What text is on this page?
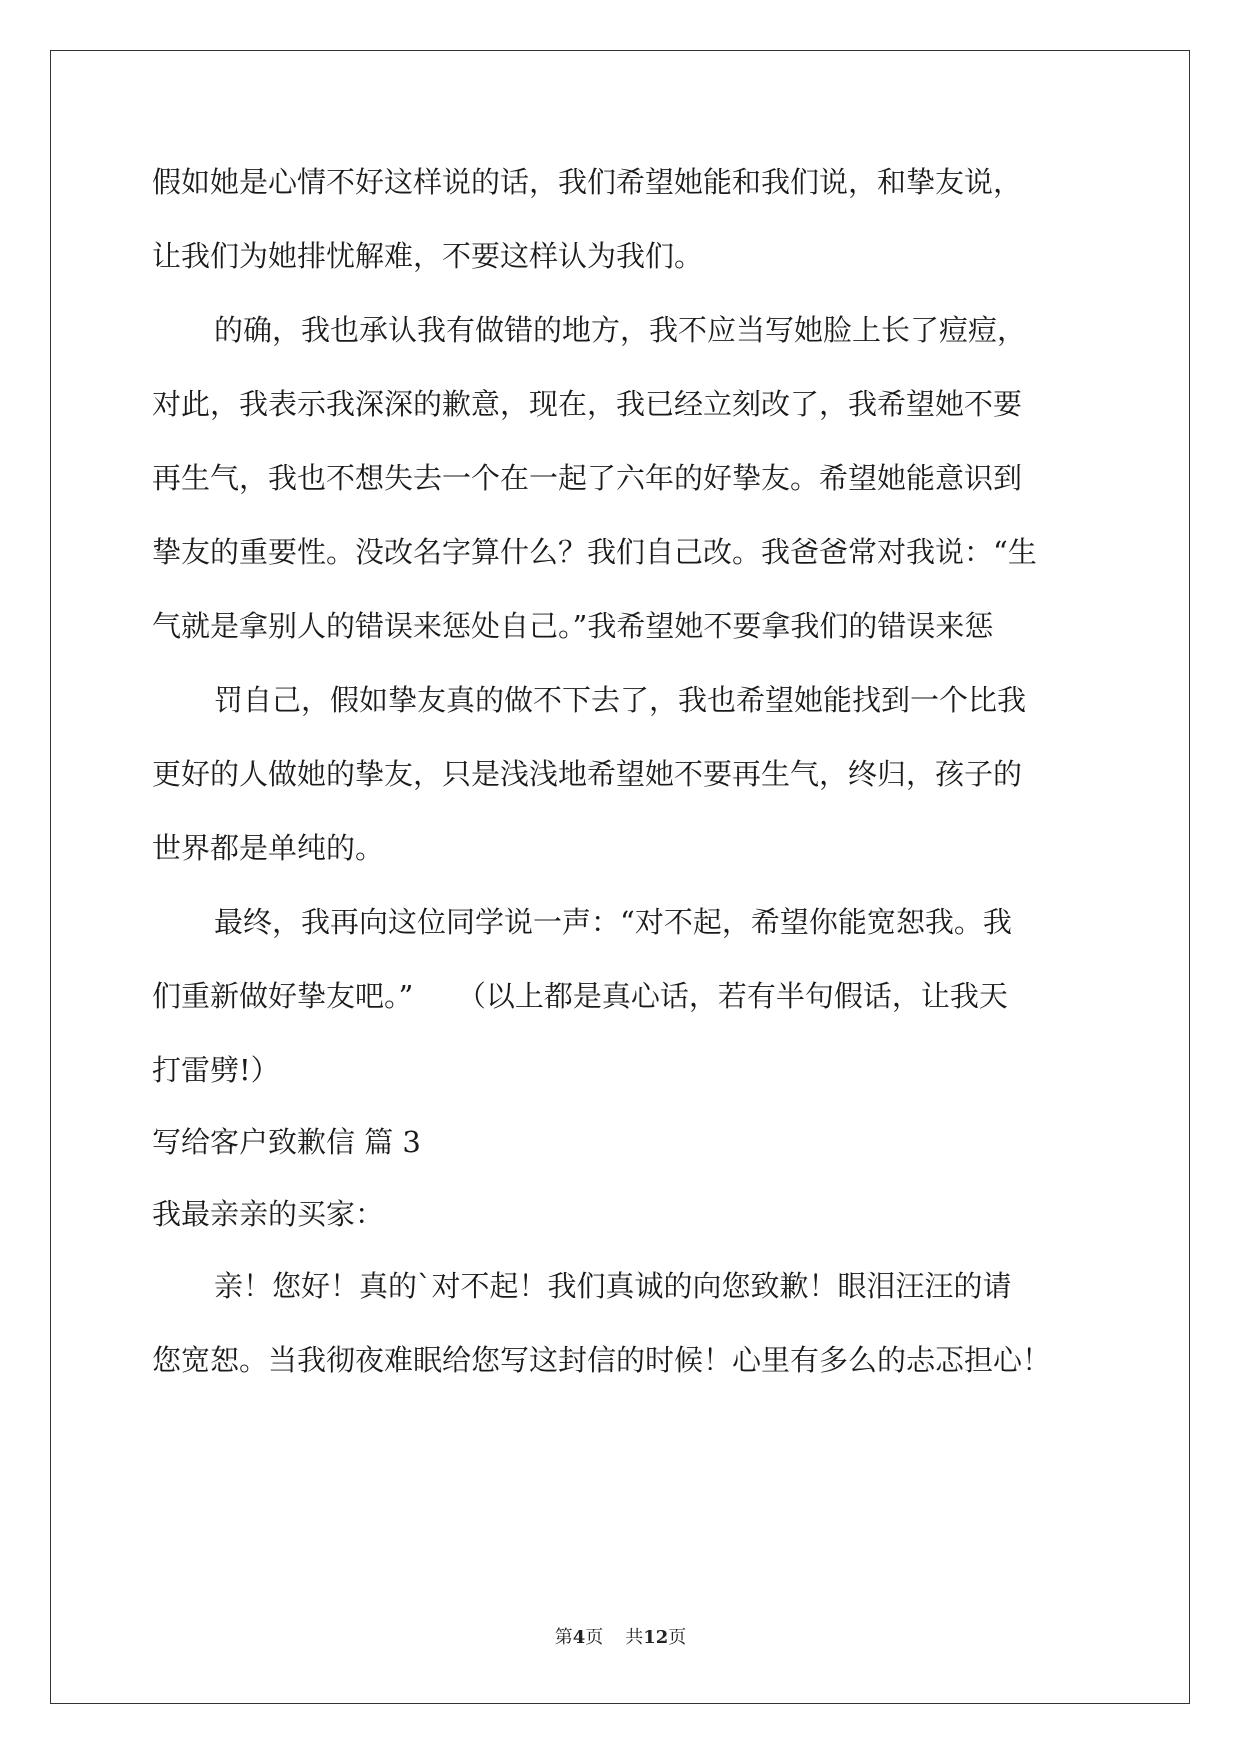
假如她是心情不好这样说的话，我们希望她能和我们说，和挚友说，
让我们为她排忧解难，不要这样认为我们。
的确，我也承认我有做错的地方，我不应当写她脸上长了痘痘，
对此，我表示我深深的歉意，现在，我已经立刻改了，我希望她不要
再生气，我也不想失去一个在一起了六年的好挚友。希望她能意识到
挚友的重要性。没改名字算什么？我们自己改。我爸爸常对我说：“生
气就是拿别人的错误来惩处自己。”我希望她不要拿我们的错误来惩
罚自己，假如挚友真的做不下去了，我也希望她能找到一个比我
更好的人做她的挚友，只是浅浅地希望她不要再生气，终归，孩子的
世界都是单纯的。
最终，我再向这位同学说一声：“对不起，希望你能宽恕我。我
们重新做好挚友吧。”　　（以上都是真心话，若有半句假话，让我天
打雷劈!）
写给客户致歉信 篇 3
我最亲亲的买家：
亲！您好！真的`对不起！我们真诚的向您致歉！眼泪汪汪的请
您宽恕。当我彻夜难眠给您写这封信的时候！心里有多么的忐忑担心！
第4页 共12页
